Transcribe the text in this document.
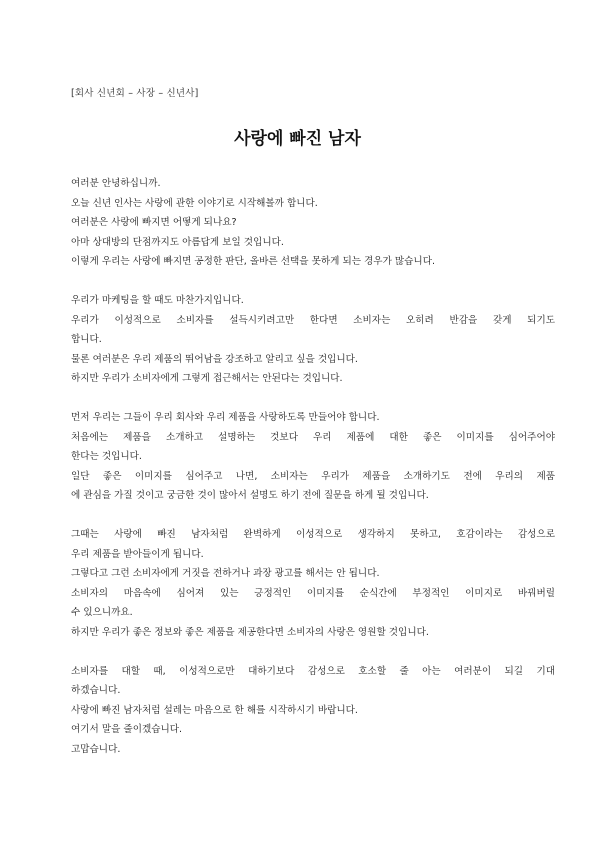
[회사 신년회 – 사장 – 신년사]
사랑에 빠진 남자
여러분 안녕하십니까.
오늘 신년 인사는 사랑에 관한 이야기로 시작해볼까 합니다.
여러분은 사랑에 빠지면 어떻게 되나요?
아마 상대방의 단점까지도 아름답게 보일 것입니다.
이렇게 우리는 사랑에 빠지면 공정한 판단, 올바른 선택을 못하게 되는 경우가 많습니다.
우리가 마케팅을 할 때도 마찬가지입니다.
우리가 이성적으로 소비자를 설득시키려고만 한다면 소비자는 오히려 반감을 갖게 되기도
합니다.
물론 여러분은 우리 제품의 뛰어남을 강조하고 알리고 싶을 것입니다.
하지만 우리가 소비자에게 그렇게 접근해서는 안된다는 것입니다.
먼저 우리는 그들이 우리 회사와 우리 제품을 사랑하도록 만들어야 합니다.
처음에는 제품을 소개하고 설명하는 것보다 우리 제품에 대한 좋은 이미지를 심어주어야
한다는 것입니다.
일단 좋은 이미지를 심어주고 나면, 소비자는 우리가 제품을 소개하기도 전에 우리의 제품
에 관심을 가질 것이고 궁금한 것이 많아서 설명도 하기 전에 질문을 하게 될 것입니다.
그때는 사랑에 빠진 남자처럼 완벽하게 이성적으로 생각하지 못하고, 호감이라는 감성으로
우리 제품을 받아들이게 됩니다.
그렇다고 그런 소비자에게 거짓을 전하거나 과장 광고를 해서는 안 됩니다.
소비자의 마음속에 심어져 있는 긍정적인 이미지를 순식간에 부정적인 이미지로 바꿔버릴
수 있으니까요.
하지만 우리가 좋은 정보와 좋은 제품을 제공한다면 소비자의 사랑은 영원할 것입니다.
소비자를 대할 때, 이성적으로만 대하기보다 감성으로 호소할 줄 아는 여러분이 되길 기대
하겠습니다.
사랑에 빠진 남자처럼 설레는 마음으로 한 해를 시작하시기 바랍니다.
여기서 말을 줄이겠습니다.
고맙습니다.
